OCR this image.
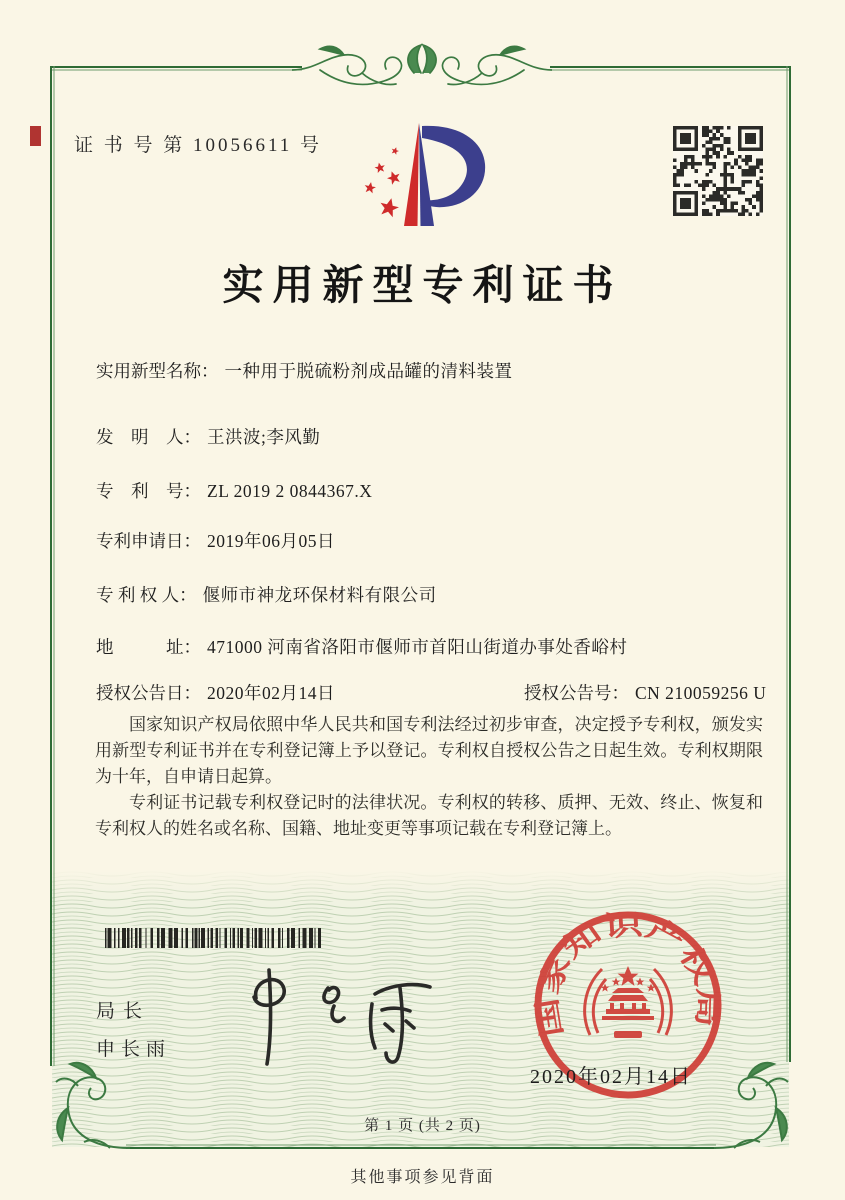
证 书 号 第 10056611 号
实用新型专利证书
实用新型名称： 一种用于脱硫粉剂成品罐的清料装置
发　明　人： 王洪波;李风勤
专　利　号： ZL 2019 2 0844367.X
专利申请日： 2019年06月05日
专 利 权 人： 偃师市神龙环保材料有限公司
地　　　址： 471000 河南省洛阳市偃师市首阳山街道办事处香峪村
授权公告日： 2020年02月14日	授权公告号： CN 210059256 U

国家知识产权局依照中华人民共和国专利法经过初步审查，决定授予专利权，颁发实用新型专利证书并在专利登记簿上予以登记。专利权自授权公告之日起生效。专利权期限为十年，自申请日起算。

专利证书记载专利权登记时的法律状况。专利权的转移、质押、无效、终止、恢复和专利权人的姓名或名称、国籍、地址变更等事项记载在专利登记簿上。

国家知识产权局
2020年02月14日
局长
申长雨
第 1 页 (共 2 页)
其他事项参见背面
